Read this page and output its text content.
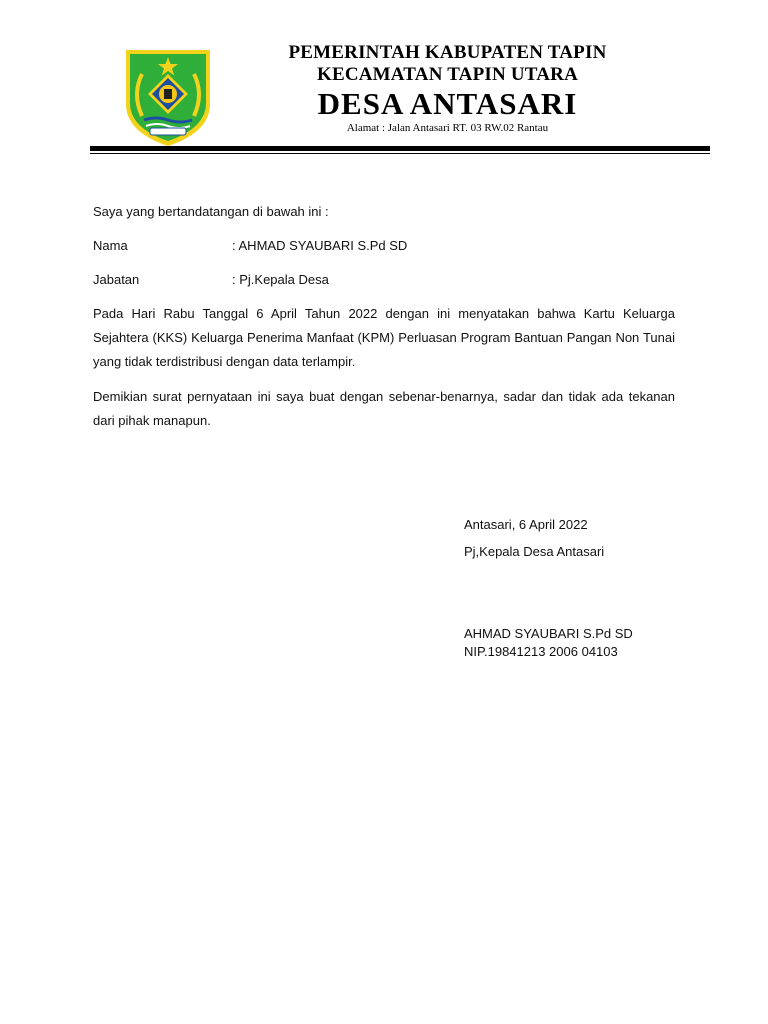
PEMERINTAH KABUPATEN TAPIN
KECAMATAN TAPIN UTARA
DESA ANTASARI
Alamat : Jalan Antasari RT. 03 RW.02 Rantau
Saya yang bertandatangan di bawah ini :
Nama	: AHMAD SYAUBARI S.Pd SD
Jabatan	: Pj.Kepala Desa
Pada Hari Rabu Tanggal 6 April Tahun 2022 dengan ini menyatakan bahwa Kartu Keluarga Sejahtera (KKS) Keluarga Penerima Manfaat (KPM) Perluasan Program Bantuan Pangan Non Tunai yang tidak terdistribusi dengan data terlampir.
Demikian surat pernyataan ini saya buat dengan sebenar-benarnya, sadar dan tidak ada tekanan dari pihak manapun.
Antasari, 6 April 2022
Pj,Kepala Desa Antasari
AHMAD SYAUBARI S.Pd SD
NIP.19841213 2006 04103
